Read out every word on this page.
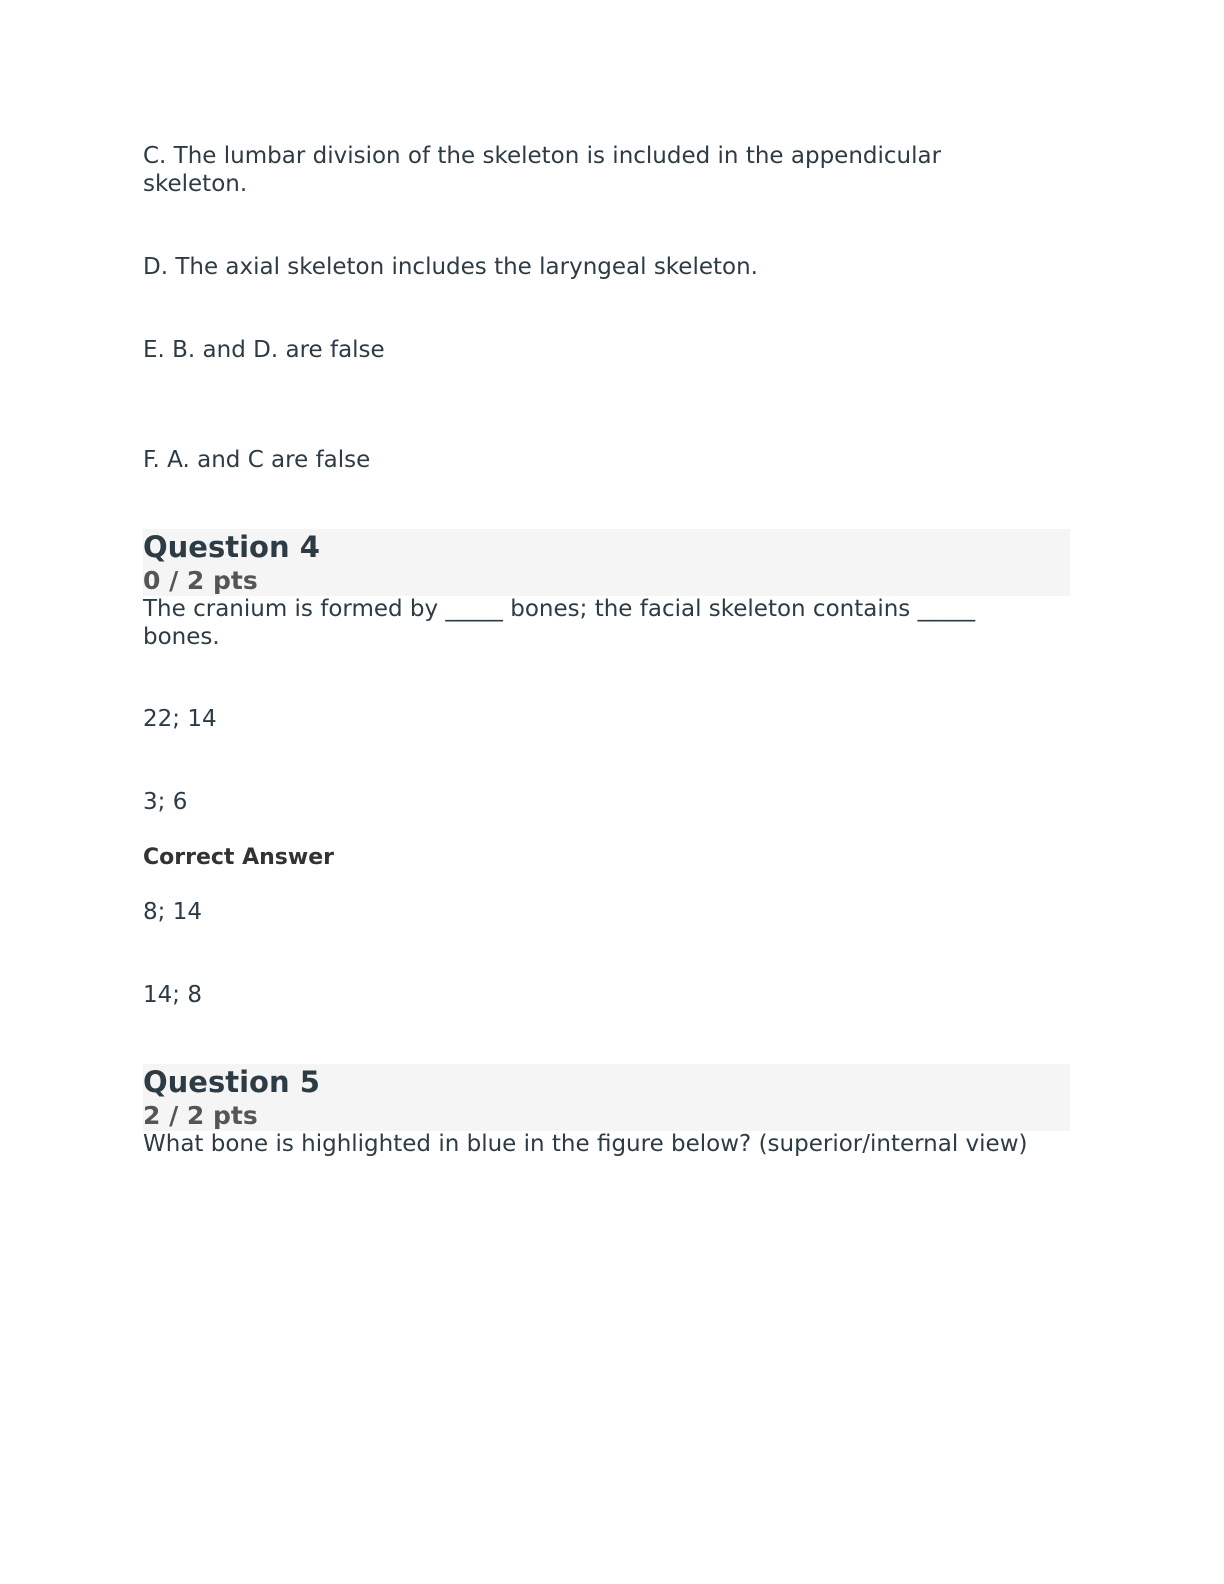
C. The lumbar division of the skeleton is included in the appendicular
skeleton.
D. The axial skeleton includes the laryngeal skeleton.
E. B. and D. are false
F. A. and C are false
Question 4
0 / 2 pts
The cranium is formed by _____ bones; the facial skeleton contains _____
bones.
22; 14
3; 6
Correct Answer
8; 14
14; 8
Question 5
2 / 2 pts
What bone is highlighted in blue in the figure below? (superior/internal view)
